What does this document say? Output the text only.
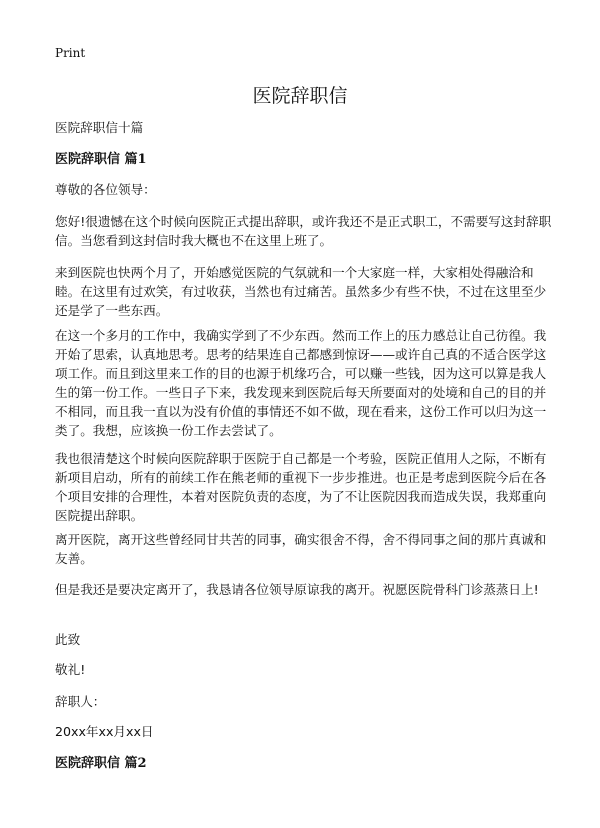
Print
医院辞职信

医院辞职信十篇

医院辞职信 篇1

尊敬的各位领导：

您好!很遗憾在这个时候向医院正式提出辞职，或许我还不是正式职工，不需要写这封辞职信。当您看到这封信时我大概也不在这里上班了。

来到医院也快两个月了，开始感觉医院的气氛就和一个大家庭一样，大家相处得融洽和睦。在这里有过欢笑，有过收获，当然也有过痛苦。虽然多少有些不快，不过在这里至少还是学了一些东西。

在这一个多月的工作中，我确实学到了不少东西。然而工作上的压力感总让自己彷徨。我开始了思索，认真地思考。思考的结果连自己都感到惊讶——或许自己真的不适合医学这项工作。而且到这里来工作的目的也源于机缘巧合，可以赚一些钱，因为这可以算是我人生的第一份工作。一些日子下来，我发现来到医院后每天所要面对的处境和自己的目的并不相同，而且我一直以为没有价值的事情还不如不做，现在看来，这份工作可以归为这一类了。我想，应该换一份工作去尝试了。

我也很清楚这个时候向医院辞职于医院于自己都是一个考验，医院正值用人之际，不断有新项目启动，所有的前续工作在熊老师的重视下一步步推进。也正是考虑到医院今后在各个项目安排的合理性，本着对医院负责的态度，为了不让医院因我而造成失误，我郑重向医院提出辞职。

离开医院，离开这些曾经同甘共苦的同事，确实很舍不得，舍不得同事之间的那片真诚和友善。

但是我还是要决定离开了，我恳请各位领导原谅我的离开。祝愿医院骨科门诊蒸蒸日上!

此致

敬礼!

辞职人：

20xx年xx月xx日

医院辞职信 篇2
